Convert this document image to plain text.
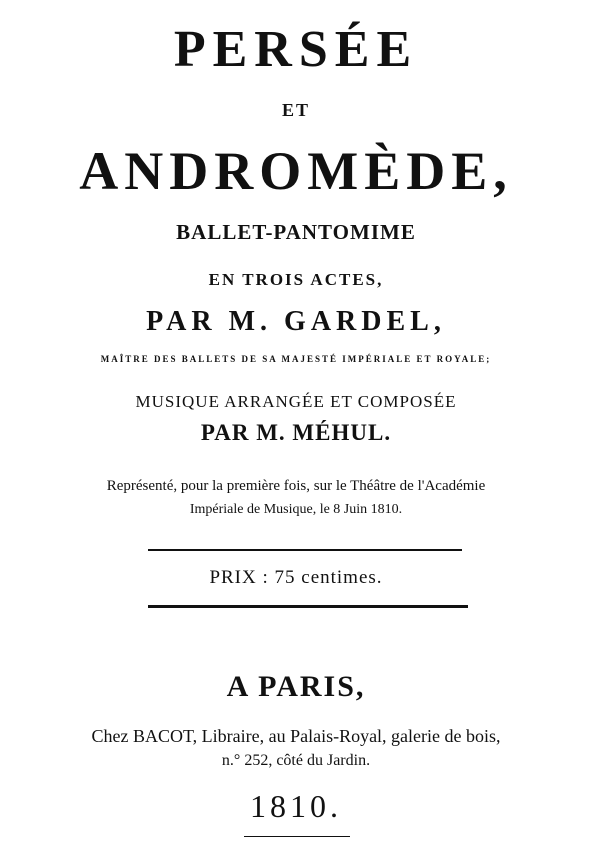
PERSÉE
ET
ANDROMÈDE,
BALLET-PANTOMIME
EN TROIS ACTES,
PAR M. GARDEL,
MAÎTRE DES BALLETS DE SA MAJESTÉ IMPÉRIALE ET ROYALE;
MUSIQUE ARRANGÉE ET COMPOSÉE
PAR M. MÉHUL.
Représenté, pour la première fois, sur le Théâtre de l'Académie
Impériale de Musique, le 8 Juin 1810.
PRIX : 75 centimes.
A PARIS,
Chez BACOT, Libraire, au Palais-Royal, galerie de bois,
n.° 252, côté du Jardin.
1810.
